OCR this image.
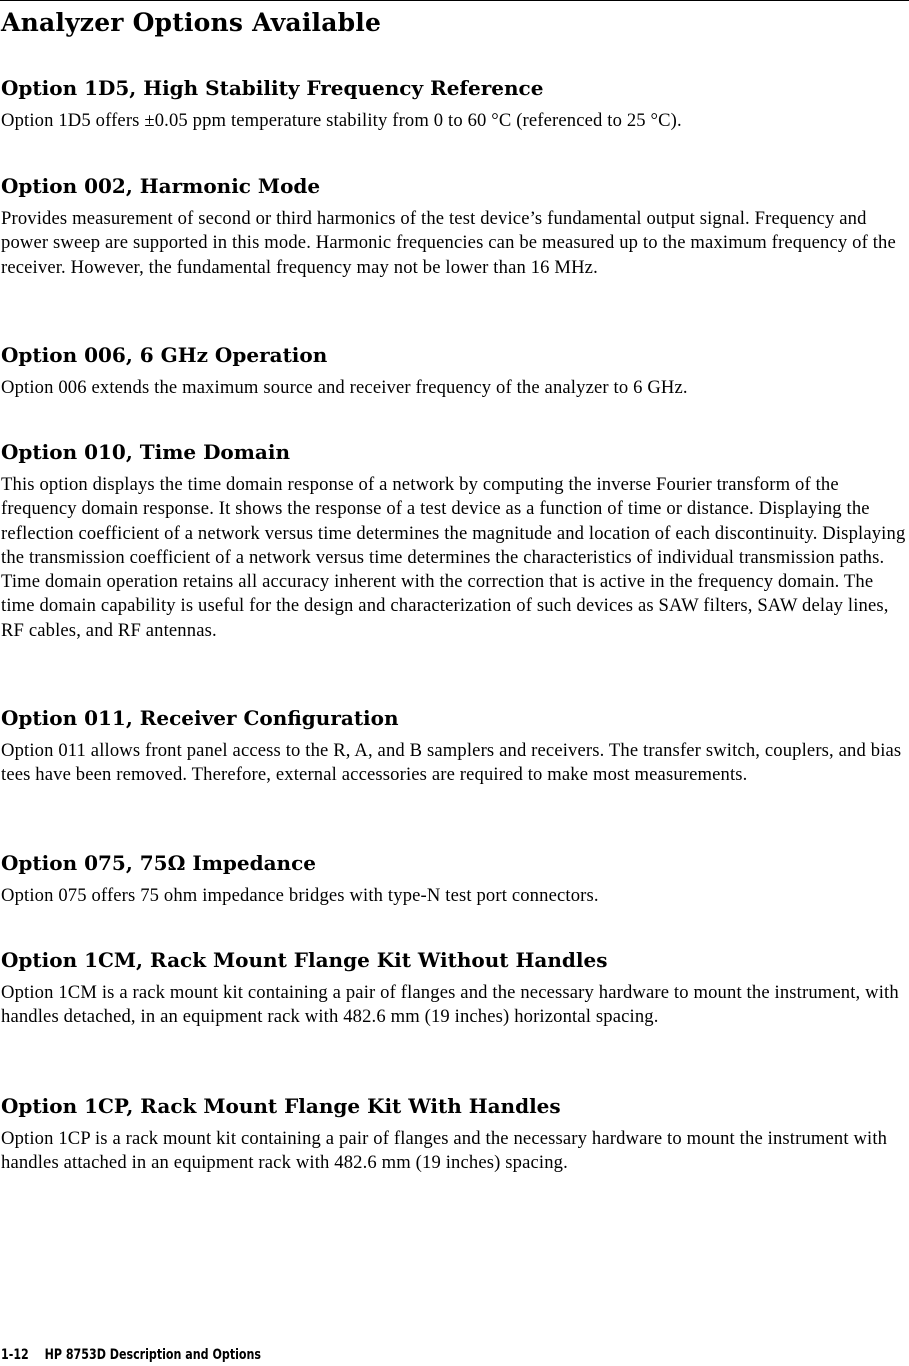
Analyzer Options Available
Option 1D5, High Stability Frequency Reference

Option 1D5 offers ±0.05 ppm temperature stability from 0 to 60 °C (referenced to 25 °C).

Option 002, Harmonic Mode

Provides measurement of second or third harmonics of the test device’s fundamental output signal. Frequency and power sweep are supported in this mode. Harmonic frequencies can be measured up to the maximum frequency of the receiver. However, the fundamental frequency may not be lower than 16 MHz.

Option 006, 6 GHz Operation

Option 006 extends the maximum source and receiver frequency of the analyzer to 6 GHz.

Option 010, Time Domain

This option displays the time domain response of a network by computing the inverse Fourier transform of the frequency domain response. It shows the response of a test device as a function of time or distance. Displaying the reflection coefficient of a network versus time determines the magnitude and location of each discontinuity. Displaying the transmission coefficient of a network versus time determines the characteristics of individual transmission paths. Time domain operation retains all accuracy inherent with the correction that is active in the frequency domain. The time domain capability is useful for the design and characterization of such devices as SAW filters, SAW delay lines, RF cables, and RF antennas.

Option 011, Receiver Configuration

Option 011 allows front panel access to the R, A, and B samplers and receivers. The transfer switch, couplers, and bias tees have been removed. Therefore, external accessories are required to make most measurements.

Option 075, 75Ω Impedance

Option 075 offers 75 ohm impedance bridges with type-N test port connectors.

Option 1CM, Rack Mount Flange Kit Without Handles

Option 1CM is a rack mount kit containing a pair of flanges and the necessary hardware to mount the instrument, with handles detached, in an equipment rack with 482.6 mm (19 inches) horizontal spacing.

Option 1CP, Rack Mount Flange Kit With Handles

Option 1CP is a rack mount kit containing a pair of flanges and the necessary hardware to mount the instrument with handles attached in an equipment rack with 482.6 mm (19 inches) spacing.

1-12 HP 8753D Description and Options
